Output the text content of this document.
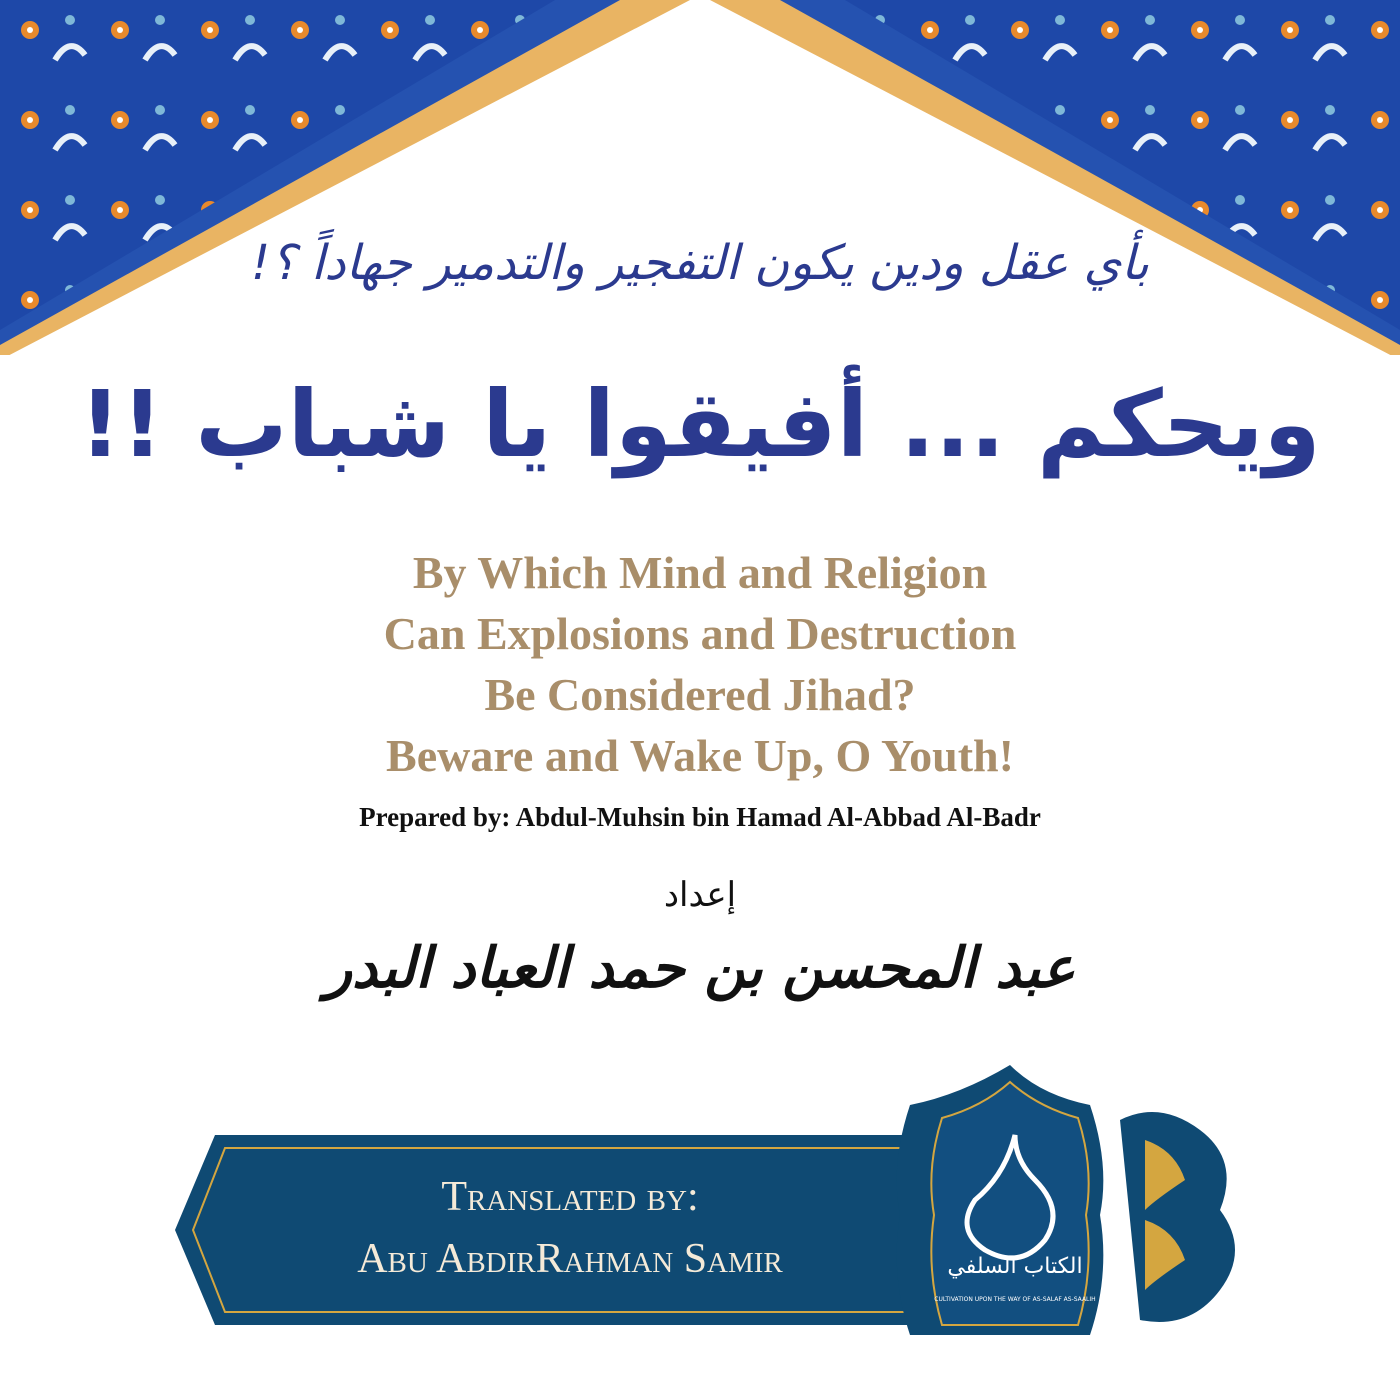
بأي عقل ودين يكون التفجير والتدمير جهاداً ؟!
ويحكم ... أفيقوا يا شباب !!
By Which Mind and Religion
Can Explosions and Destruction
Be Considered Jihad?
Beware and Wake Up, O Youth!
Prepared by: Abdul-Muhsin bin Hamad Al-Abbad Al-Badr
إعداد
عبد المحسن بن حمد العباد البدر
Translated by:
Abu AbdirRahman Samir	الكتاب السلفي
CULTIVATION UPON THE WAY OF AS-SALAF AS-SAALIH
